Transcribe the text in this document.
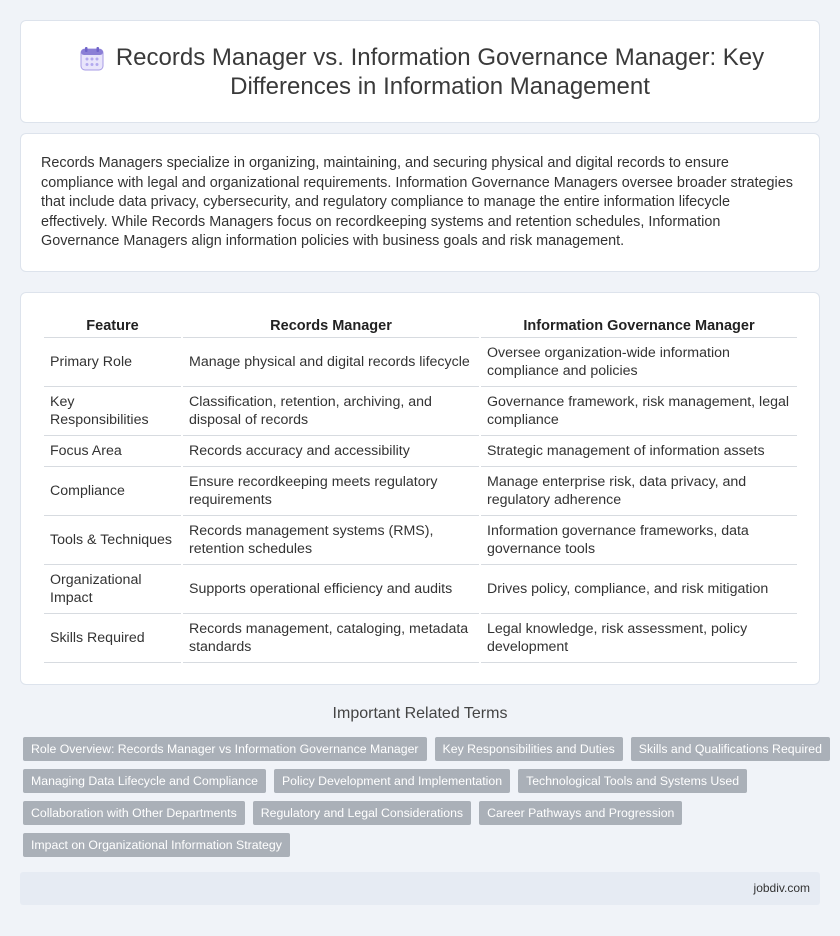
Records Manager vs. Information Governance Manager: Key Differences in Information Management

Records Managers specialize in organizing, maintaining, and securing physical and digital records to ensure compliance with legal and organizational requirements. Information Governance Managers oversee broader strategies that include data privacy, cybersecurity, and regulatory compliance to manage the entire information lifecycle effectively. While Records Managers focus on recordkeeping systems and retention schedules, Information Governance Managers align information policies with business goals and risk management.

Feature	Records Manager	Information Governance Manager
Primary Role	Manage physical and digital records lifecycle	Oversee organization-wide information compliance and policies
Key Responsibilities	Classification, retention, archiving, and disposal of records	Governance framework, risk management, legal compliance
Focus Area	Records accuracy and accessibility	Strategic management of information assets
Compliance	Ensure recordkeeping meets regulatory requirements	Manage enterprise risk, data privacy, and regulatory adherence
Tools & Techniques	Records management systems (RMS), retention schedules	Information governance frameworks, data governance tools
Organizational Impact	Supports operational efficiency and audits	Drives policy, compliance, and risk mitigation
Skills Required	Records management, cataloging, metadata standards	Legal knowledge, risk assessment, policy development
Important Related Terms
Role Overview: Records Manager vs Information Governance Manager	Key Responsibilities and Duties	Skills and Qualifications Required
Managing Data Lifecycle and Compliance	Policy Development and Implementation	Technological Tools and Systems Used
Collaboration with Other Departments	Regulatory and Legal Considerations	Career Pathways and Progression
Impact on Organizational Information Strategy
jobdiv.com
